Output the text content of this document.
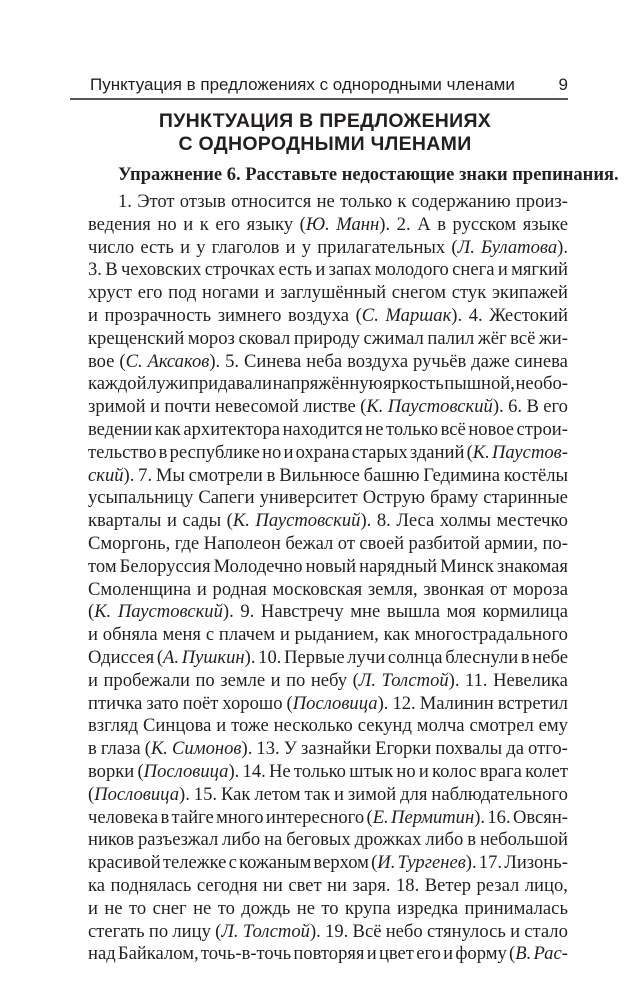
Пунктуация в предложениях с однородными членами	9
ПУНКТУАЦИЯ В ПРЕДЛОЖЕНИЯХ
С ОДНОРОДНЫМИ ЧЛЕНАМИ
Упражнение 6. Расставьте недостающие знаки препинания.
1. Этот отзыв относится не только к содержанию произ-
ведения но и к его языку (Ю. Манн). 2. А в русском языке
число есть и у глаголов и у прилагательных (Л. Булатова).
3. В чеховских строчках есть и запах молодого снега и мягкий
хруст его под ногами и заглушённый снегом стук экипажей
и прозрачность зимнего воздуха (С. Маршак). 4. Жестокий
крещенский мороз сковал природу сжимал палил жёг всё жи-
вое (С. Аксаков). 5. Синева неба воздуха ручьёв даже синева
каждой лужи придавали напряжённую яркость пышной, необо-
зримой и почти невесомой листве (К. Паустовский). 6. В его
ведении как архитектора находится не только всё новое строи-
тельство в республике но и охрана старых зданий (К. Паустов-
ский). 7. Мы смотрели в Вильнюсе башню Гедимина костёлы
усыпальницу Сапеги университет Острую браму старинные
кварталы и сады (К. Паустовский). 8. Леса холмы местечко
Сморгонь, где Наполеон бежал от своей разбитой армии, по-
том Белоруссия Молодечно новый нарядный Минск знакомая
Смоленщина и родная московская земля, звонкая от мороза
(К. Паустовский). 9. Навстречу мне вышла моя кормилица
и обняла меня с плачем и рыданием, как многострадального
Одиссея (А. Пушкин). 10. Первые лучи солнца блеснули в небе
и пробежали по земле и по небу (Л. Толстой). 11. Невелика
птичка зато поёт хорошо (Пословица). 12. Малинин встретил
взгляд Синцова и тоже несколько секунд молча смотрел ему
в глаза (К. Симонов). 13. У зазнайки Егорки похвалы да отго-
ворки (Пословица). 14. Не только штык но и колос врага колет
(Пословица). 15. Как летом так и зимой для наблюдательного
человека в тайге много интересного (Е. Пермитин). 16. Овсян-
ников разъезжал либо на беговых дрожках либо в небольшой
красивой тележке с кожаным верхом (И. Тургенев). 17. Лизонь-
ка поднялась сегодня ни свет ни заря. 18. Ветер резал лицо,
и не то снег не то дождь не то крупа изредка принималась
стегать по лицу (Л. Толстой). 19. Всё небо стянулось и стало
над Байкалом, точь-в-точь повторяя и цвет его и форму (В. Рас-
